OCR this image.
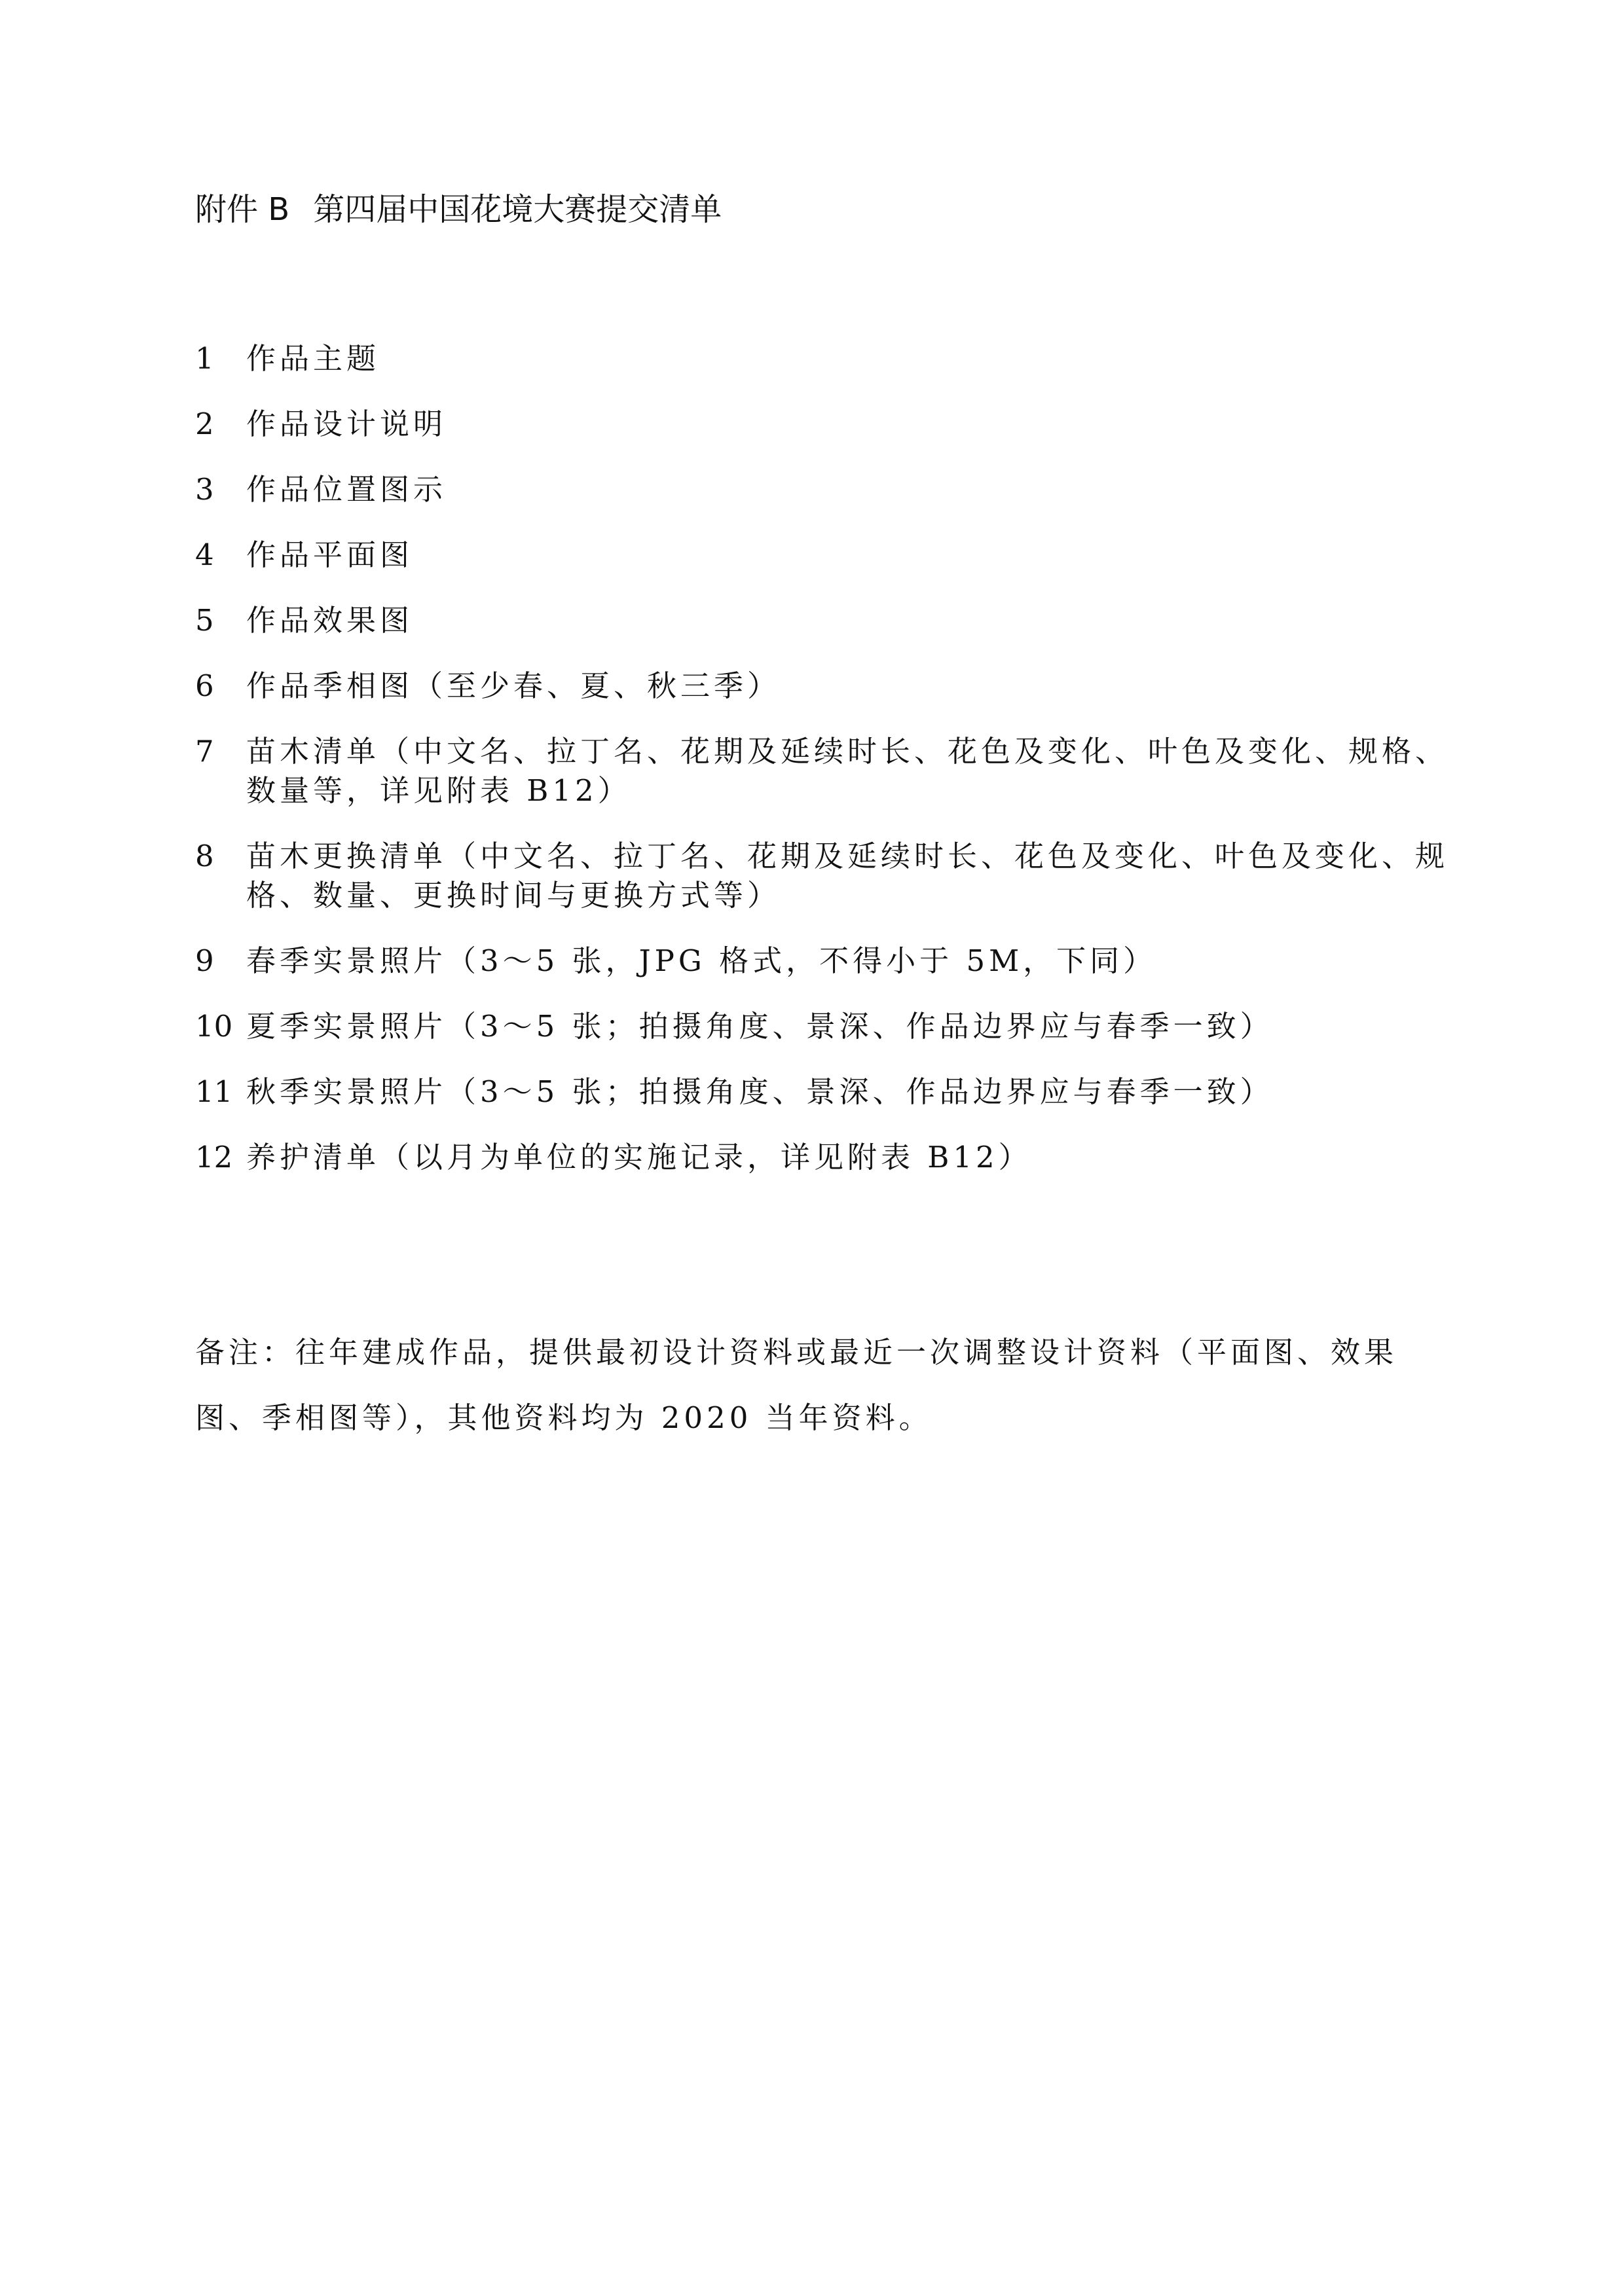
附件 B 第四届中国花境大赛提交清单
1 作品主题
2 作品设计说明
3 作品位置图示
4 作品平面图
5 作品效果图
6 作品季相图（至少春、夏、秋三季）
7 苗木清单（中文名、拉丁名、花期及延续时长、花色及变化、叶色及变化、规格、数量等，详见附表 B12）
8 苗木更换清单（中文名、拉丁名、花期及延续时长、花色及变化、叶色及变化、规格、数量、更换时间与更换方式等）
9 春季实景照片（3～5 张，JPG 格式，不得小于 5M，下同）
10 夏季实景照片（3～5 张；拍摄角度、景深、作品边界应与春季一致）
11 秋季实景照片（3～5 张；拍摄角度、景深、作品边界应与春季一致）
12 养护清单（以月为单位的实施记录，详见附表 B12）

备注：往年建成作品，提供最初设计资料或最近一次调整设计资料（平面图、效果图、季相图等），其他资料均为 2020 当年资料。
